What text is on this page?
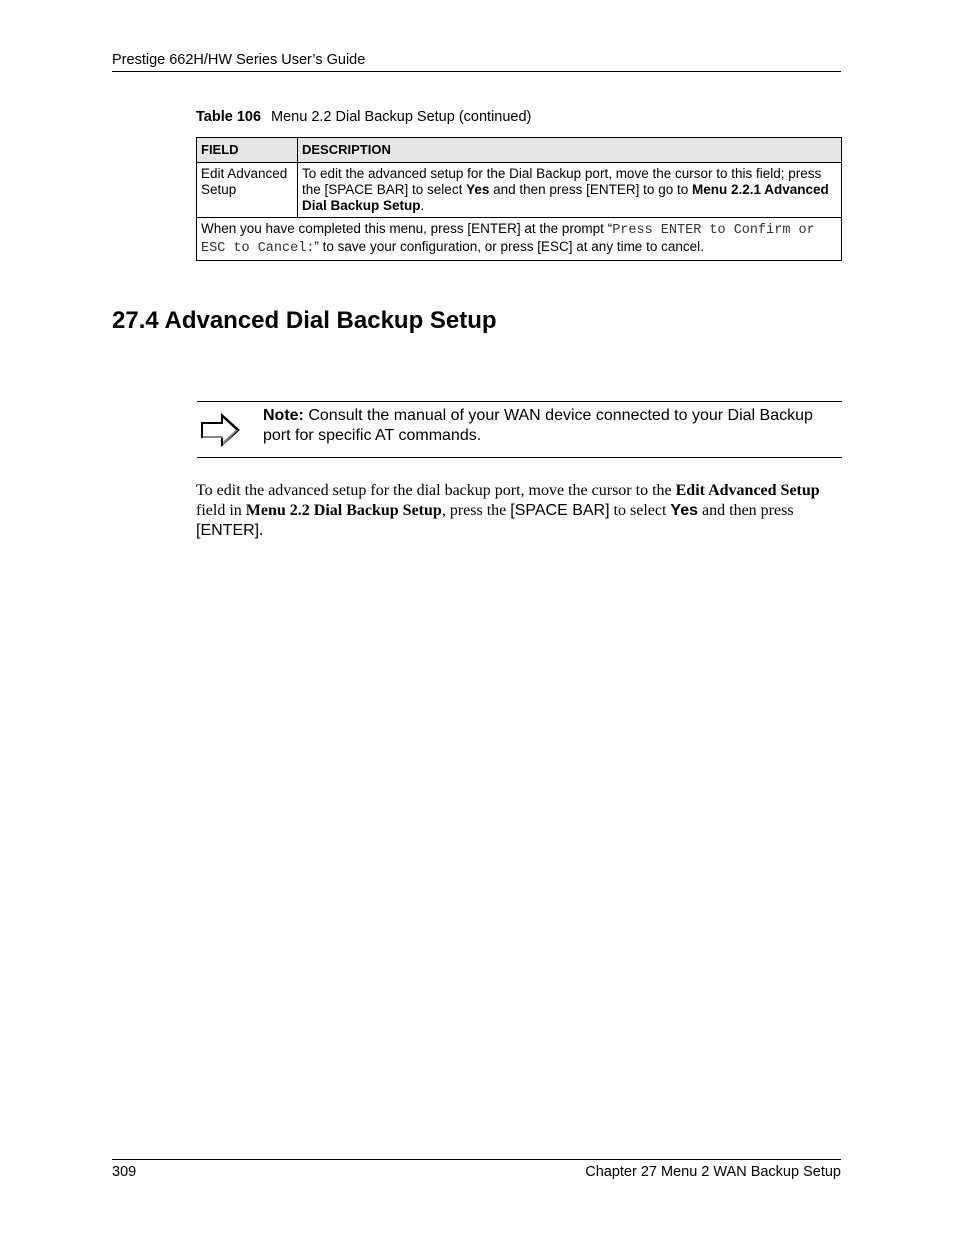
Prestige 662H/HW Series User’s Guide
Table 106 Menu 2.2 Dial Backup Setup (continued)
FIELD	DESCRIPTION
Edit Advanced Setup	To edit the advanced setup for the Dial Backup port, move the cursor to this field; press the [SPACE BAR] to select Yes and then press [ENTER] to go to Menu 2.2.1 Advanced Dial Backup Setup.
When you have completed this menu, press [ENTER] at the prompt “Press ENTER to Confirm or ESC to Cancel:” to save your configuration, or press [ESC] at any time to cancel.	
27.4 Advanced Dial Backup Setup
Note: Consult the manual of your WAN device connected to your Dial Backup port for specific AT commands.
To edit the advanced setup for the dial backup port, move the cursor to the Edit Advanced Setup field in Menu 2.2 Dial Backup Setup, press the [SPACE BAR] to select Yes and then press [ENTER].
309	Chapter 27 Menu 2 WAN Backup Setup
